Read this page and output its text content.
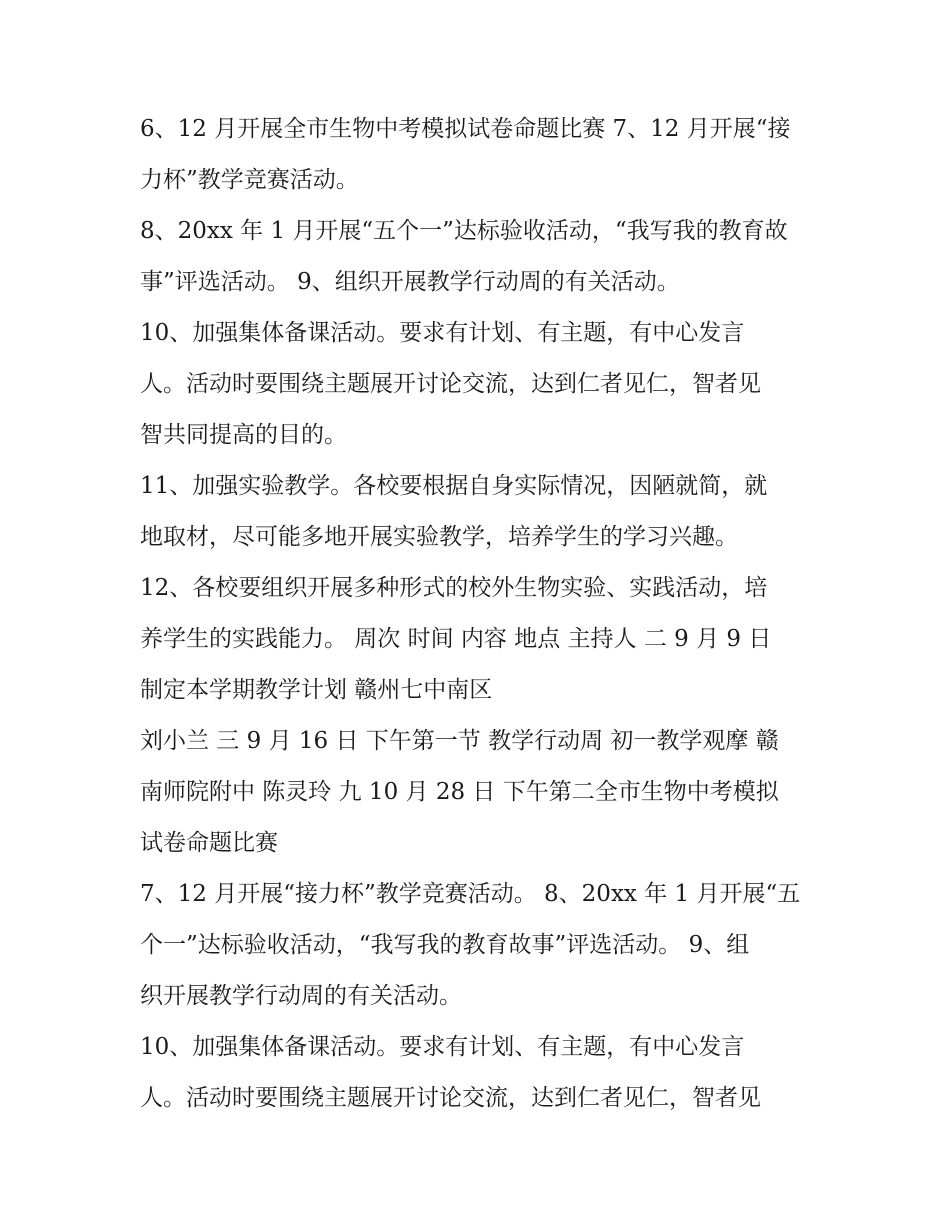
6、12 月开展全市生物中考模拟试卷命题比赛 7、12 月开展“接
力杯”教学竞赛活动。
8、20xx 年 1 月开展“五个一”达标验收活动，“我写我的教育故
事”评选活动。 9、组织开展教学行动周的有关活动。
10、加强集体备课活动。要求有计划、有主题，有中心发言
人。活动时要围绕主题展开讨论交流，达到仁者见仁，智者见
智共同提高的目的。
11、加强实验教学。各校要根据自身实际情况，因陋就简，就
地取材，尽可能多地开展实验教学，培养学生的学习兴趣。
12、各校要组织开展多种形式的校外生物实验、实践活动，培
养学生的实践能力。 周次 时间 内容 地点 主持人 二 9 月 9 日
制定本学期教学计划 赣州七中南区
刘小兰 三 9 月 16 日 下午第一节 教学行动周 初一教学观摩 赣
南师院附中 陈灵玲 九 10 月 28 日 下午第二全市生物中考模拟
试卷命题比赛
7、12 月开展“接力杯”教学竞赛活动。 8、20xx 年 1 月开展“五
个一”达标验收活动，“我写我的教育故事”评选活动。 9、组
织开展教学行动周的有关活动。
10、加强集体备课活动。要求有计划、有主题，有中心发言
人。活动时要围绕主题展开讨论交流，达到仁者见仁，智者见
